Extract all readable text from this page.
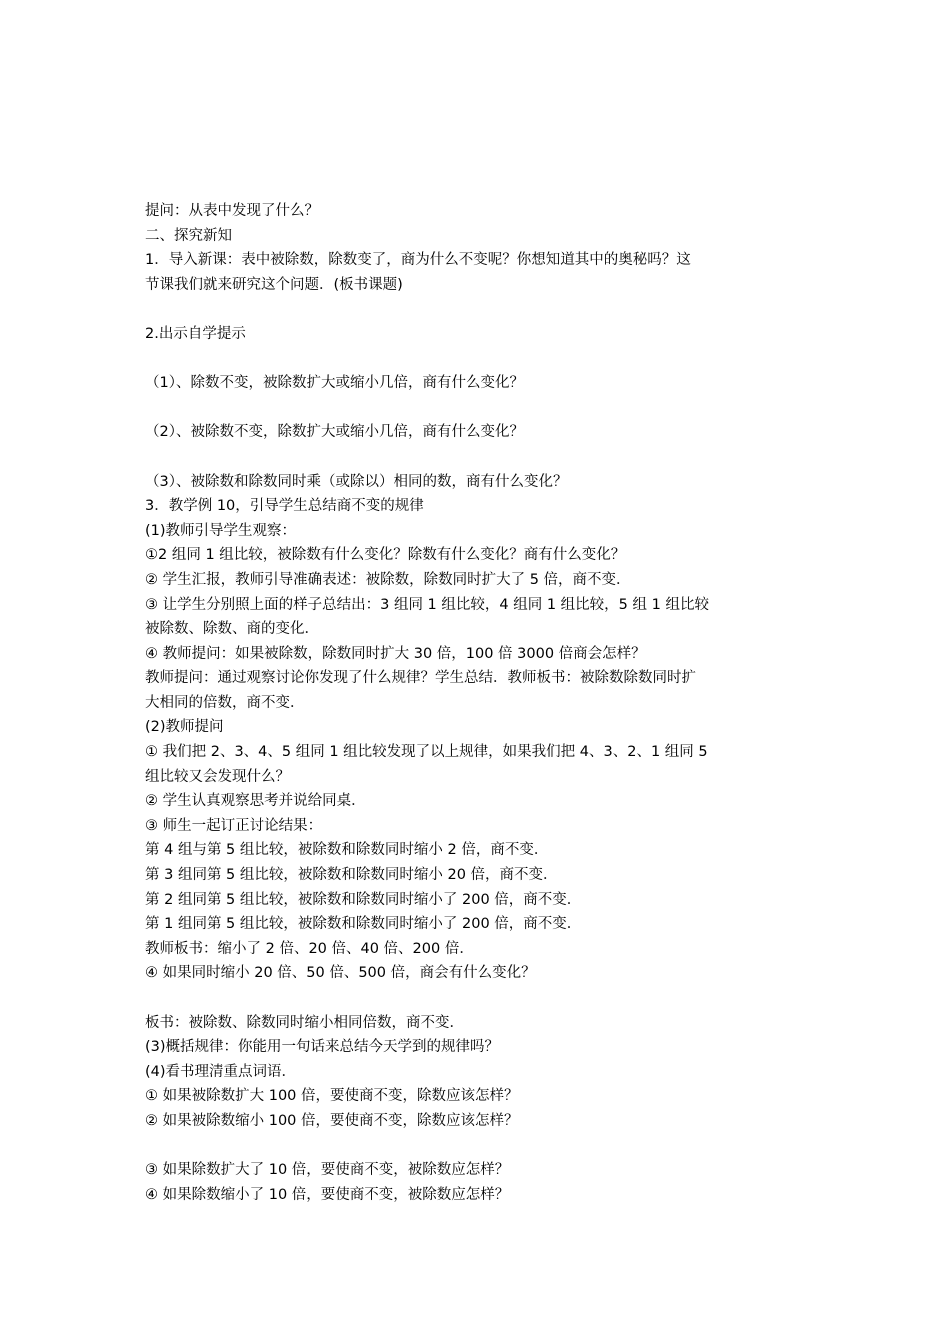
提问：从表中发现了什么？
二、探究新知
1．导入新课：表中被除数，除数变了，商为什么不变呢？你想知道其中的奥秘吗？这
节课我们就来研究这个问题．(板书课题)
2.出示自学提示
（1）、除数不变，被除数扩大或缩小几倍，商有什么变化？
（2）、被除数不变，除数扩大或缩小几倍，商有什么变化？
（3）、被除数和除数同时乘（或除以）相同的数，商有什么变化？
3．教学例 10，引导学生总结商不变的规律
(1)教师引导学生观察：
①2 组同 1 组比较，被除数有什么变化？除数有什么变化？商有什么变化？
② 学生汇报，教师引导准确表述：被除数，除数同时扩大了 5 倍，商不变．
③ 让学生分别照上面的样子总结出：3 组同 1 组比较，4 组同 1 组比较，5 组 1 组比较
被除数、除数、商的变化．
④ 教师提问：如果被除数，除数同时扩大 30 倍，100 倍 3000 倍商会怎样？
教师提问：通过观察讨论你发现了什么规律？学生总结．教师板书：被除数除数同时扩
大相同的倍数，商不变．
(2)教师提问
① 我们把 2、3、4、5 组同 1 组比较发现了以上规律，如果我们把 4、3、2、1 组同 5
组比较又会发现什么？
② 学生认真观察思考并说给同桌．
③ 师生一起订正讨论结果：
第 4 组与第 5 组比较，被除数和除数同时缩小 2 倍，商不变．
第 3 组同第 5 组比较，被除数和除数同时缩小 20 倍，商不变．
第 2 组同第 5 组比较，被除数和除数同时缩小了 200 倍，商不变．
第 1 组同第 5 组比较，被除数和除数同时缩小了 200 倍，商不变．
教师板书：缩小了 2 倍、20 倍、40 倍、200 倍．
④ 如果同时缩小 20 倍、50 倍、500 倍，商会有什么变化？
板书：被除数、除数同时缩小相同倍数，商不变．
(3)概括规律：你能用一句话来总结今天学到的规律吗？
(4)看书理清重点词语．
① 如果被除数扩大 100 倍，要使商不变，除数应该怎样？
② 如果被除数缩小 100 倍，要使商不变，除数应该怎样？
③ 如果除数扩大了 10 倍，要使商不变，被除数应怎样？
④ 如果除数缩小了 10 倍，要使商不变，被除数应怎样？
